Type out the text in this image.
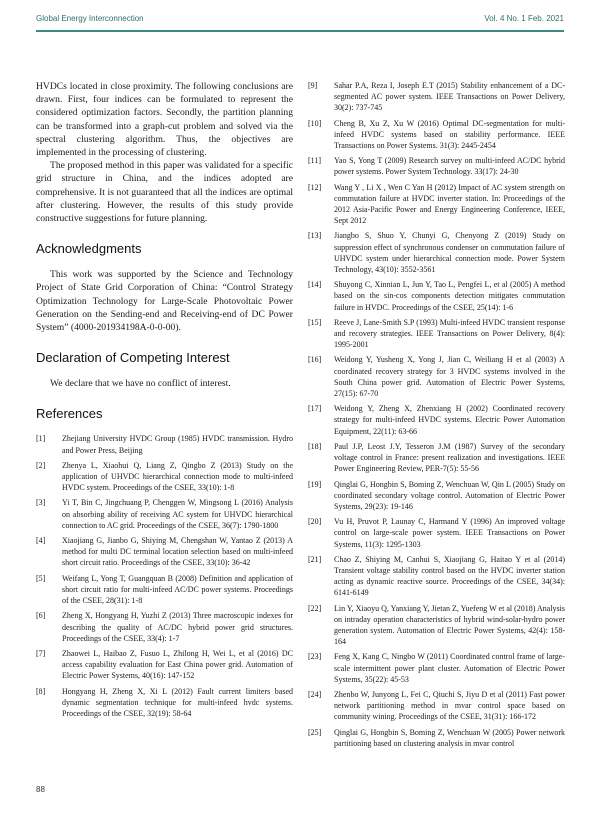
Global Energy Interconnection	Vol. 4 No. 1 Feb. 2021

HVDCs located in close proximity. The following conclusions are drawn. First, four indices can be formulated to represent the considered optimization factors. Secondly, the partition planning can be transformed into a graph-cut problem and solved via the spectral clustering algorithm. Thus, the objectives are implemented in the processing of clustering.

The proposed method in this paper was validated for a specific grid structure in China, and the indices adopted are comprehensive. It is not guaranteed that all the indices are optimal after clustering. However, the results of this study provide constructive suggestions for future planning.

Acknowledgments

This work was supported by the Science and Technology Project of State Grid Corporation of China: “Control Strategy Optimization Technology for Large-Scale Photovoltaic Power Generation on the Sending-end and Receiving-end of DC Power System” (4000-201934198A-0-0-00).

Declaration of Competing Interest

We declare that we have no conflict of interest.

References
[1] Zhejiang University HVDC Group (1985) HVDC transmission. Hydro and Power Press, Beijing
[2] Zhenya L, Xiaohui Q, Liang Z, Qingbo Z (2013) Study on the application of UHVDC hierarchical connection mode to multi-infeed HVDC system. Proceedings of the CSEE, 33(10): 1-8
[3] Yi T, Bin C, Jingchuang P, Chenggen W, Mingsong L (2016) Analysis on absorbing ability of receiving AC system for UHVDC hierarchical connection to AC grid. Proceedings of the CSEE, 36(7): 1790-1800
[4] Xiaojiang G, Jianbo G, Shiying M, Chengshan W, Yantao Z (2013) A method for multi DC terminal location selection based on multi-infeed short circuit ratio. Proceedings of the CSEE, 33(10): 36-42
[5] Weifang L, Yong T, Guangquan B (2008) Definition and application of short circuit ratio for multi-infeed AC/DC power systems. Proceedings of the CSEE, 28(31): 1-8
[6] Zheng X, Hongyang H, Yuzhi Z (2013) Three macroscopic indexes for describing the quality of AC/DC hybrid power grid structures. Proceedings of the CSEE, 33(4): 1-7
[7] Zhaowei L, Haibao Z, Fusuo L, Zhilong H, Wei L, et al (2016) DC access capability evaluation for East China power grid. Automation of Electric Power Systems, 40(16): 147-152
[8] Hongyang H, Zheng X, Xi L (2012) Fault current limiters based dynamic segmentation technique for multi-infeed hvdc systems. Proceedings of the CSEE, 32(19): 58-64
[9] Sahar P.A, Reza I, Joseph E.T (2015) Stability enhancement of a DC-segmented AC power system. IEEE Transactions on Power Delivery, 30(2): 737-745
[10] Cheng B, Xu Z, Xu W (2016) Optimal DC-segmentation for multi-infeed HVDC systems based on stability performance. IEEE Transactions on Power Systems. 31(3): 2445-2454
[11] Yao S, Yong T (2009) Research survey on multi-infeed AC/DC hybrid power systems. Power System Technology. 33(17): 24-30
[12] Wang Y , Li X , Wen C Yan H (2012) Impact of AC system strength on commutation failure at HVDC inverter station. In: Proceedings of the 2012 Asia-Pacific Power and Energy Engineering Conference, IEEE, Sept 2012
[13] Jiangbo S, Shuo Y, Chunyi G, Chenyong Z (2019) Study on suppression effect of synchronous condenser on commutation failure of UHVDC system under hierarchical connection mode. Power System Technology, 43(10): 3552-3561
[14] Shuyong C, Xinnian L, Jun Y, Tao L, Pengfei L, et al (2005) A method based on the sin-cos components detection mitigates commutation failure in HVDC. Proceedings of the CSEE, 25(14): 1-6
[15] Reeve J, Lane-Smith S.P (1993) Multi-infeed HVDC transient response and recovery strategies. IEEE Transactions on Power Delivery, 8(4): 1995-2001
[16] Weidong Y, Yusheng X, Yong J, Jian C, Weiliang H et al (2003) A coordinated recovery strategy for 3 HVDC systems involved in the South China power grid. Automation of Electric Power Systems, 27(15): 67-70
[17] Weidong Y, Zheng X, Zhenxiang H (2002) Coordinated recovery strategy for multi-infeed HVDC systems. Electric Power Automation Equipment, 22(11): 63-66
[18] Paul J.P, Leost J.Y, Tesseron J.M (1987) Survey of the secondary voltage control in France: present realization and investigations. IEEE Power Engineering Review, PER-7(5): 55-56
[19] Qinglai G, Hongbin S, Boming Z, Wenchuan W, Qin L (2005) Study on coordinated secondary voltage control. Automation of Electric Power Systems, 29(23): 19-146
[20] Vu H, Pruvot P, Launay C, Harmand Y (1996) An improved voltage control on large-scale power system. IEEE Transactions on Power Systems, 11(3): 1295-1303
[21] Chao Z, Shiying M, Canhui S, Xiaojiang G, Haitao Y et al (2014) Transient voltage stability control based on the HVDC inverter station acting as dynamic reactive source. Proceedings of the CSEE, 34(34): 6141-6149
[22] Lin Y, Xiaoyu Q, Yanxiang Y, Jietan Z, Yuefeng W et al (2018) Analysis on intraday operation characteristics of hybrid wind-solar-hydro power generation system. Automation of Electric Power Systems, 42(4): 158-164
[23] Feng X, Kang C, Ningbo W (2011) Coordinated control frame of large-scale intermittent power plant cluster. Automation of Electric Power Systems, 35(22): 45-53
[24] Zhenbo W, Junyong L, Fei C, Qiuchi S, Jiyu D et al (2011) Fast power network partitioning method in mvar control space based on community wining. Proceedings of the CSEE, 31(31): 166-172
[25] Qinglai G, Hongbin S, Boming Z, Wenchuan W (2005) Power network partitioning based on clustering analysis in mvar control
88
